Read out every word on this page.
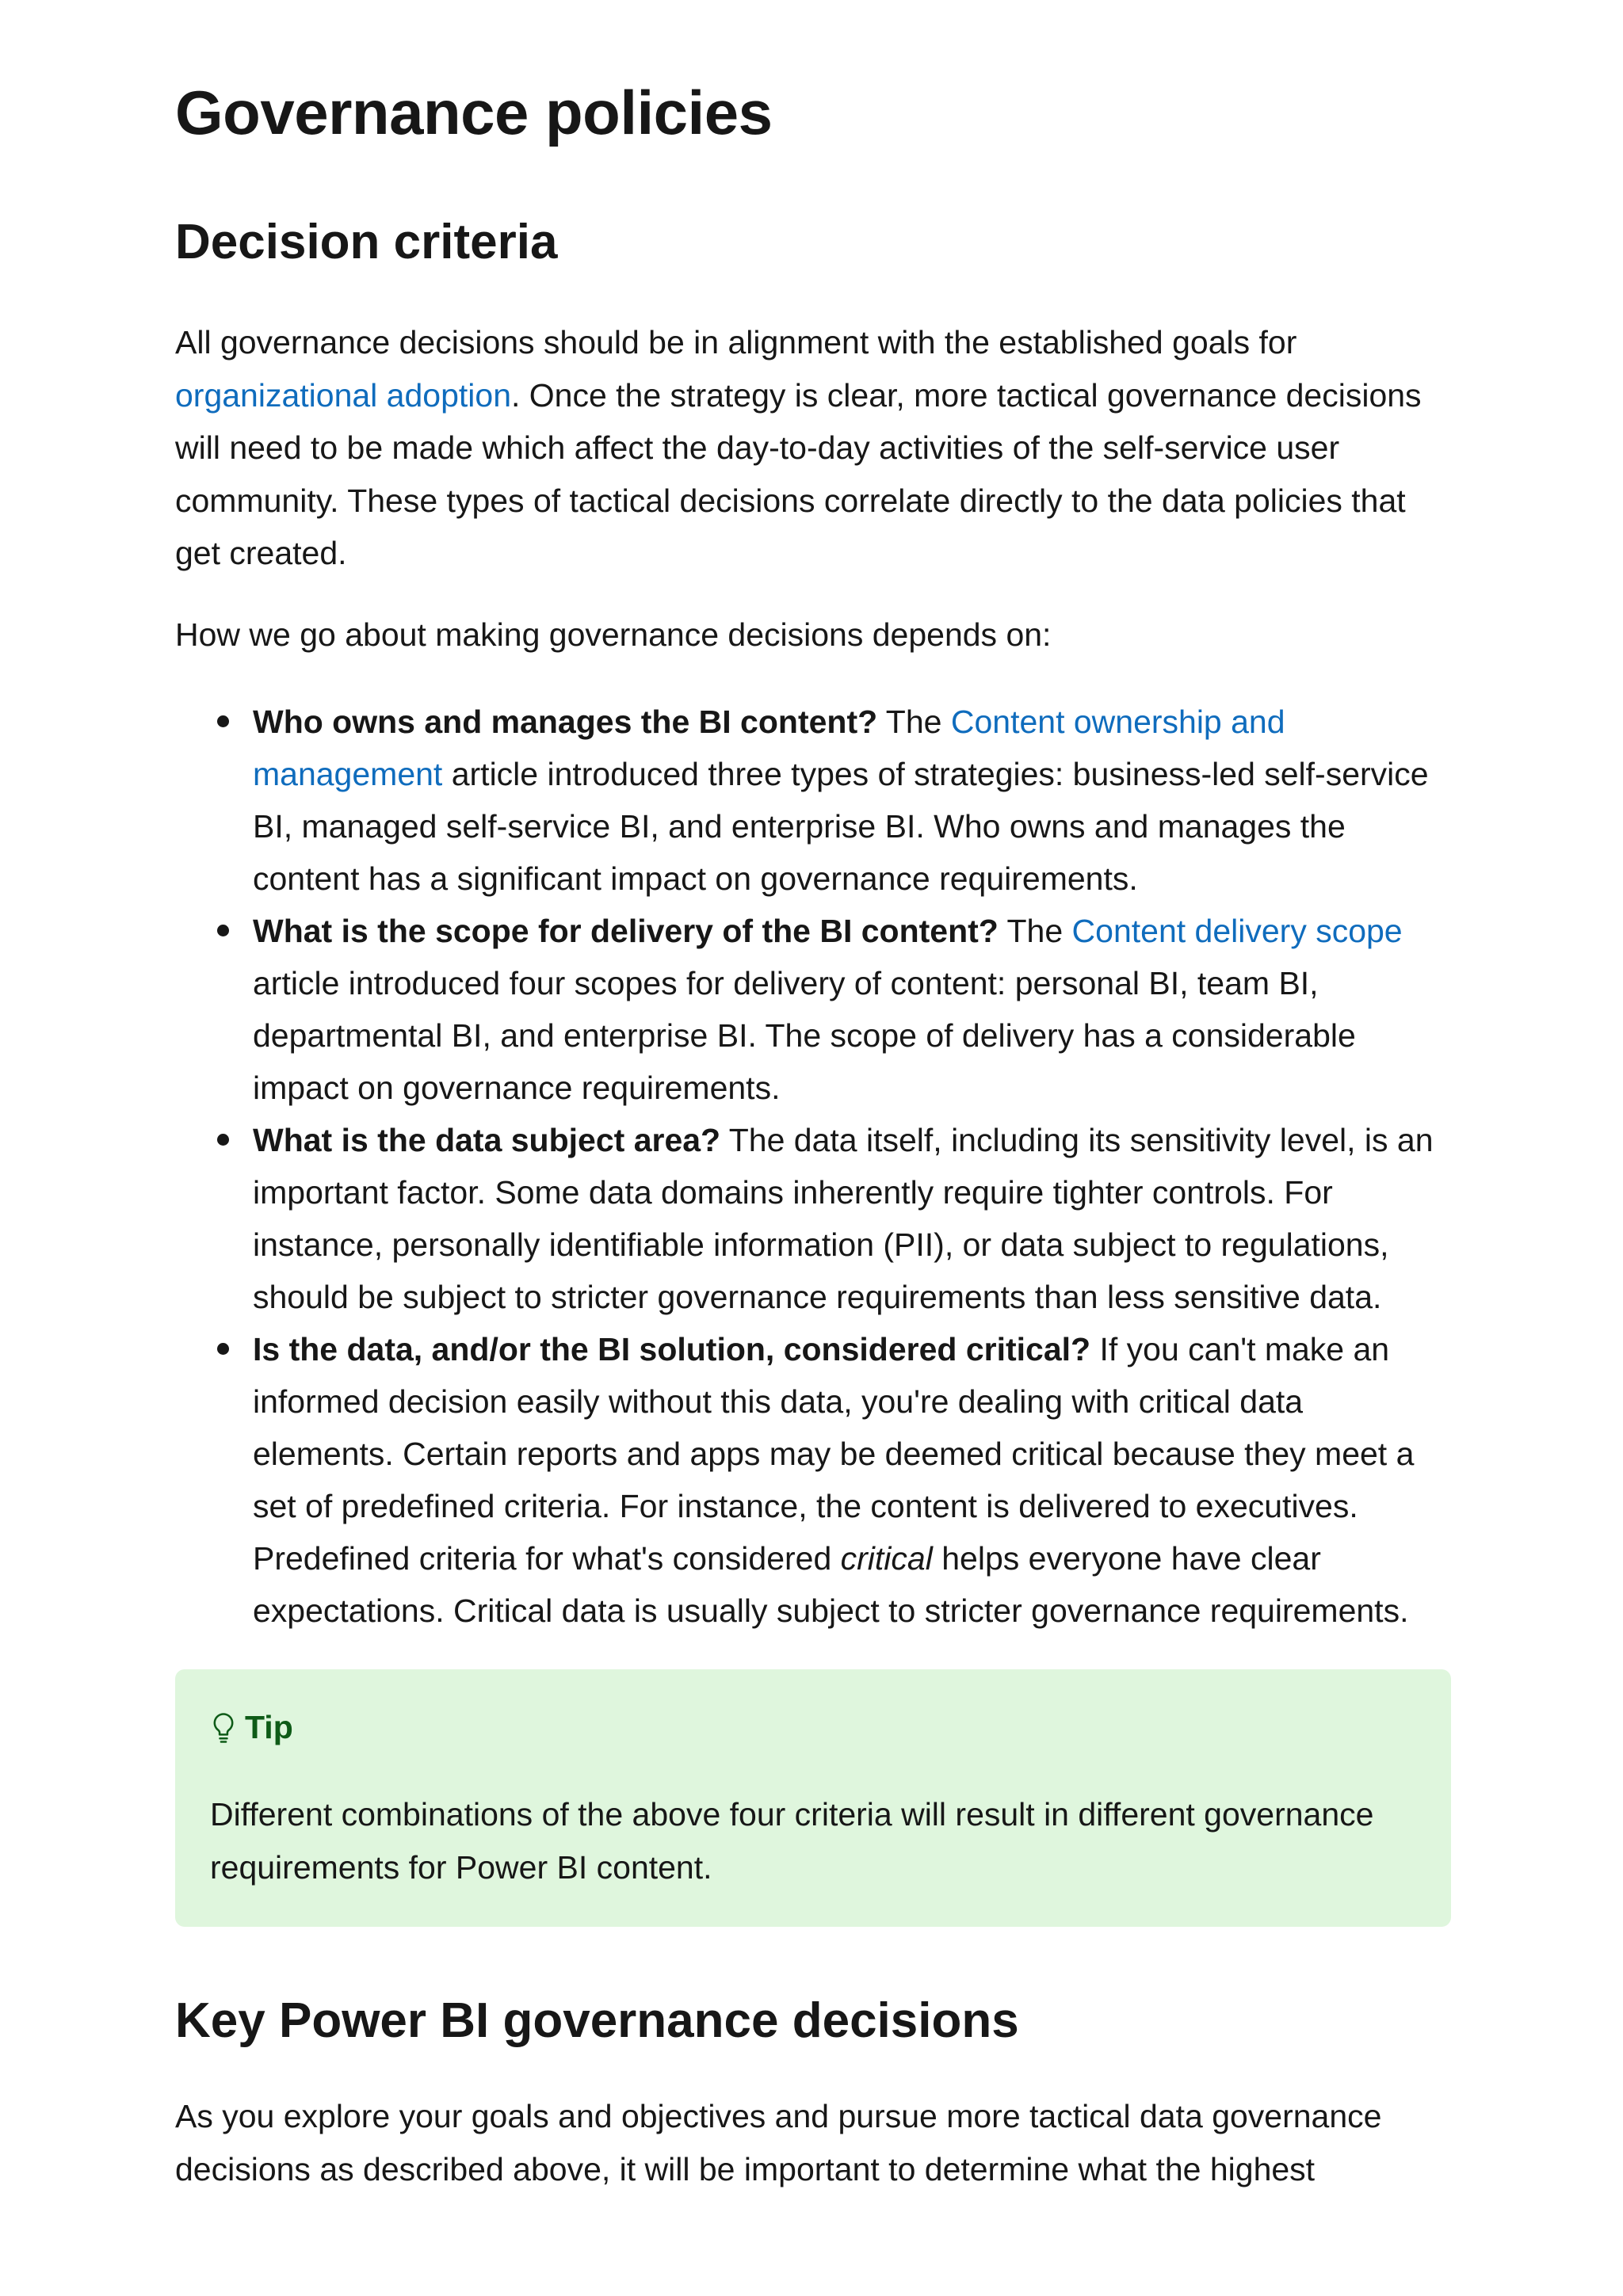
Governance policies
Decision criteria

All governance decisions should be in alignment with the established goals for organizational adoption. Once the strategy is clear, more tactical governance decisions will need to be made which affect the day-to-day activities of the self-service user community. These types of tactical decisions correlate directly to the data policies that get created.

How we go about making governance decisions depends on:

Who owns and manages the BI content? The Content ownership and management article introduced three types of strategies: business-led self-service BI, managed self-service BI, and enterprise BI. Who owns and manages the content has a significant impact on governance requirements.
What is the scope for delivery of the BI content? The Content delivery scope article introduced four scopes for delivery of content: personal BI, team BI, departmental BI, and enterprise BI. The scope of delivery has a considerable impact on governance requirements.
What is the data subject area? The data itself, including its sensitivity level, is an important factor. Some data domains inherently require tighter controls. For instance, personally identifiable information (PII), or data subject to regulations, should be subject to stricter governance requirements than less sensitive data.
Is the data, and/or the BI solution, considered critical? If you can't make an informed decision easily without this data, you're dealing with critical data elements. Certain reports and apps may be deemed critical because they meet a set of predefined criteria. For instance, the content is delivered to executives. Predefined criteria for what's considered critical helps everyone have clear expectations. Critical data is usually subject to stricter governance requirements.
Tip
Different combinations of the above four criteria will result in different governance requirements for Power BI content.
Key Power BI governance decisions

As you explore your goals and objectives and pursue more tactical data governance decisions as described above, it will be important to determine what the highest
